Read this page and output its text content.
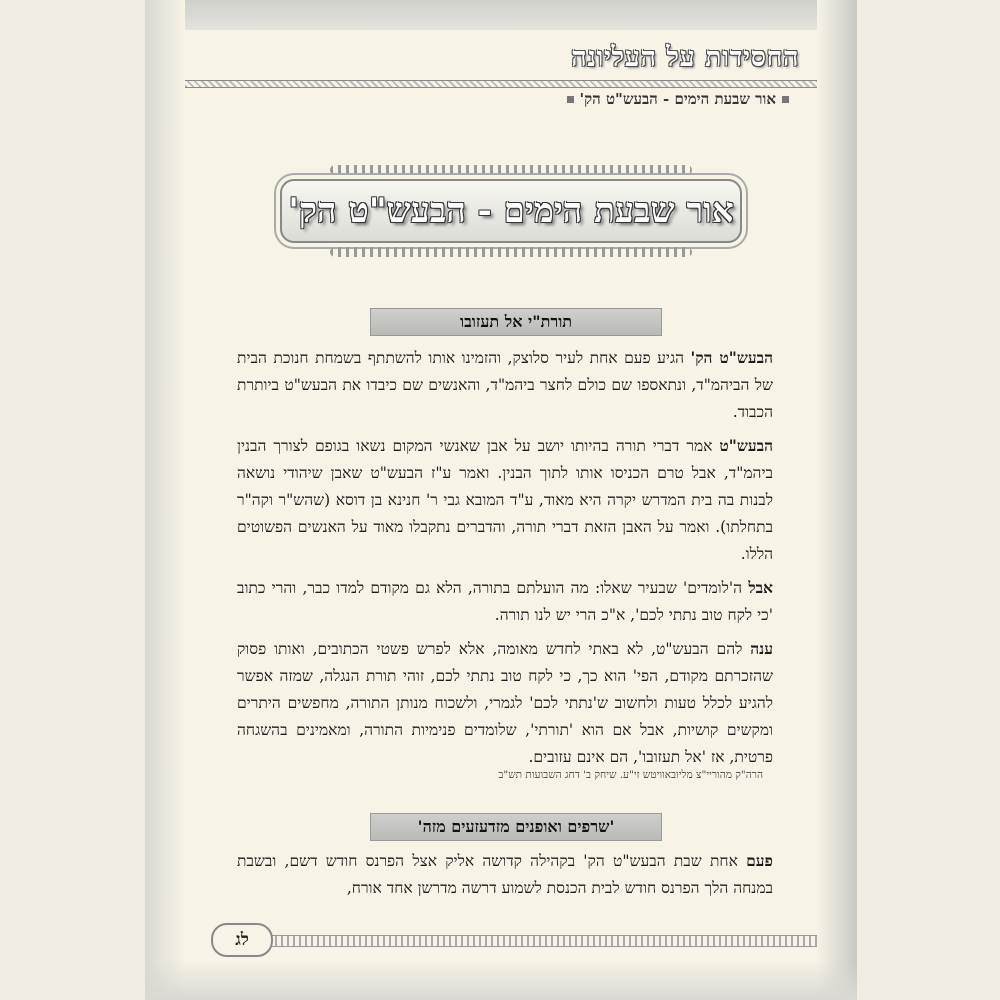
החסידות על העליונה
אור שבעת הימים - הבעש"ט הק'
אור שבעת הימים - הבעש"ט הק'
תורת"י אל תעזובו

הבעש"ט הק' הגיע פעם אחת לעיר סלוצק, והזמינו אותו להשתתף בשמחת חנוכת הבית של הביהמ"ד, ונתאספו שם כולם לחצר ביהמ"ד, והאנשים שם כיבדו את הבעש"ט ביותרת הכבוד.

הבעש"ט אמר דברי תורה בהיותו יושב על אבן שאנשי המקום נשאו בגופם לצורך הבנין ביהמ"ד, אבל טרם הכניסו אותו לתוך הבנין. ואמר ע"ז הבעש"ט שאבן שיהודי נושאה לבנות בה בית המדרש יקרה היא מאוד, ע"ד המובא גבי ר' חנינא בן דוסא (שהש"ר וקה"ר בתחלתו). ואמר על האבן הזאת דברי תורה, והדברים נתקבלו מאוד על האנשים הפשוטים הללו.

אבל ה'לומדים' שבעיר שאלו: מה הועלתם בתורה, הלא גם מקודם למדו כבר, והרי כתוב 'כי לקח טוב נתתי לכם', א"כ הרי יש לנו תורה.

ענה להם הבעש"ט, לא באתי לחדש מאומה, אלא לפרש פשטי הכתובים, ואותו פסוק שהזכרתם מקודם, הפי' הוא כך, כי לקח טוב נתתי לכם, זוהי תורת הנגלה, שמזה אפשר להגיע לכלל טעות ולחשוב ש'נתתי לכם' לגמרי, ולשכוח מנותן התורה, מחפשים היתרים ומקשים קושיות, אבל אם הוא 'תורתי', שלומדים פנימיות התורה, ומאמינים בהשגחה פרטית, אז 'אל תעזובו', הם אינם עזובים.

הרה"ק מהוריי"צ מליובאוויטש זי"ע. שיחק ב' דחג השבועות תש"ב
'שרפים ואופנים מזדעזעים מזה'

פעם אחת שבת הבעש"ט הק' בקהילה קדושה אליק אצל הפרנס חודש דשם, ובשבת במנחה הלך הפרנס חודש לבית הכנסת לשמוע דרשה מדרשן אחד אורח,

לג
